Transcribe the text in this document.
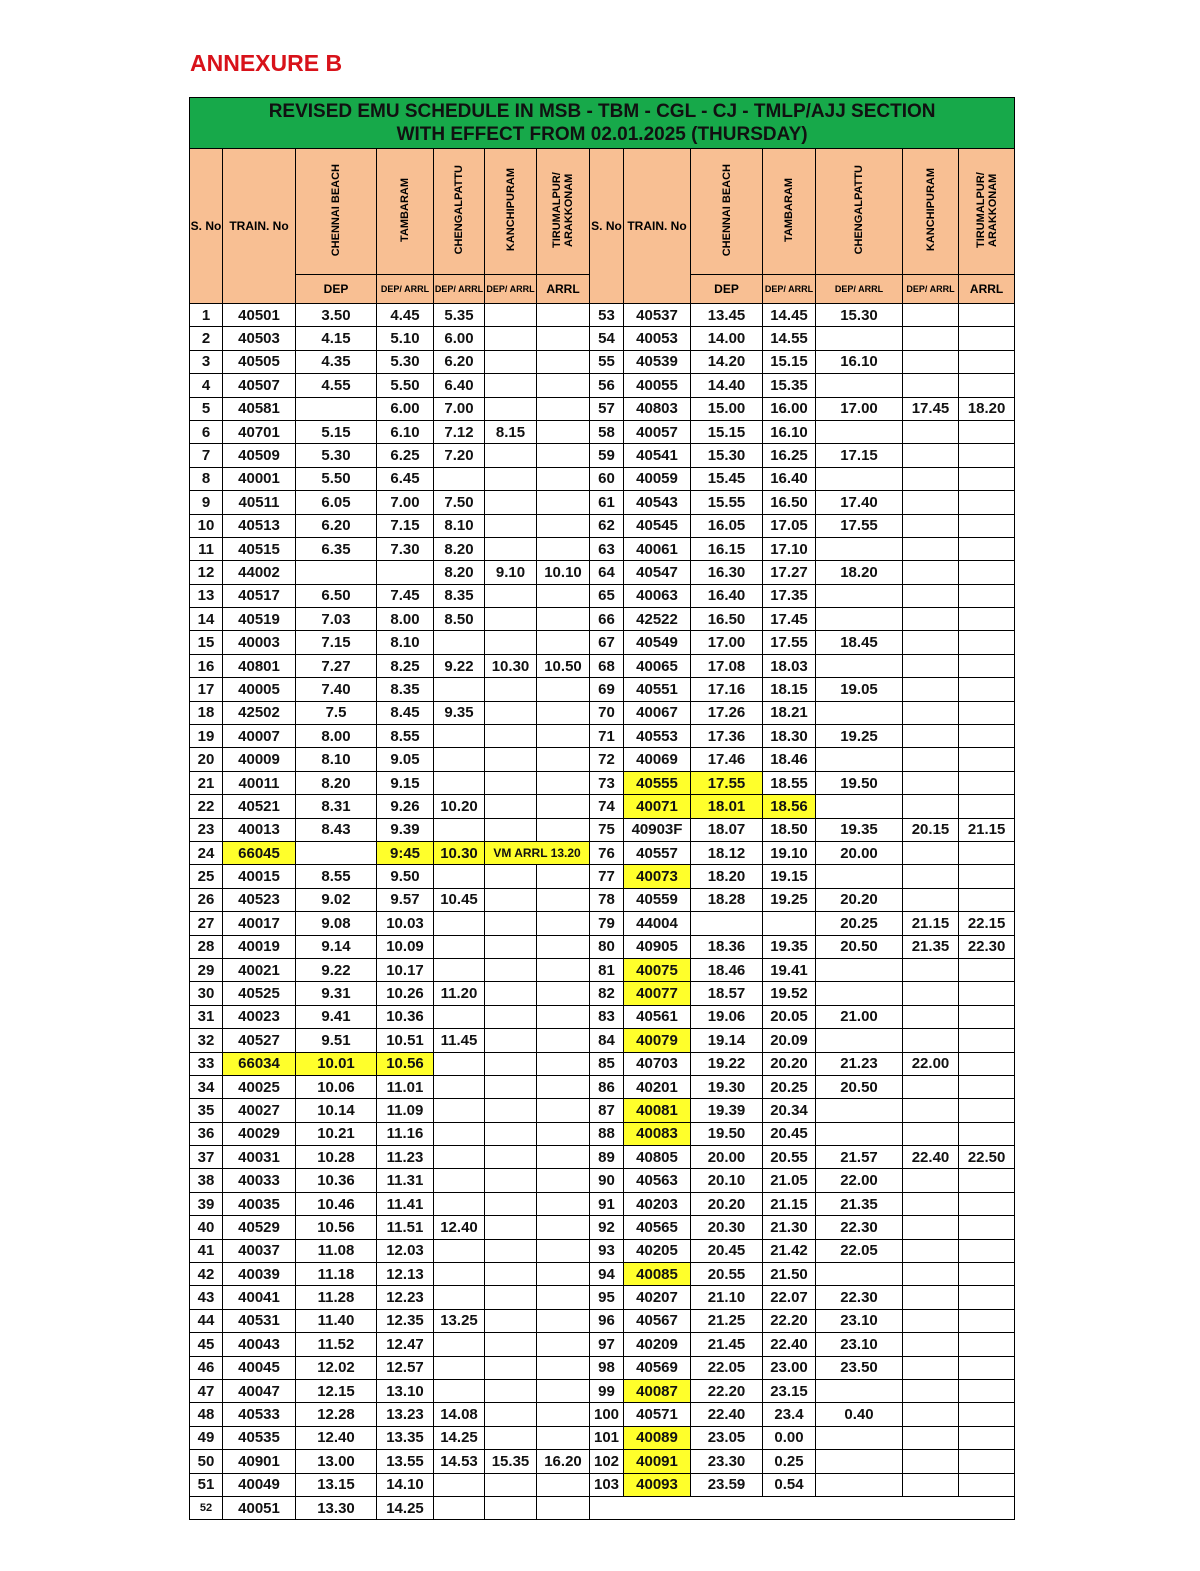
ANNEXURE B
REVISED EMU SCHEDULE IN MSB - TBM - CGL - CJ - TMLP/AJJ SECTION
WITH EFFECT FROM 02.01.2025 (THURSDAY)													
S. No	TRAIN. No	CHENNAI BEACH	TAMBARAM	CHENGALPATTU	KANCHIPURAM	TIRUMALPUR/ ARAKKONAM	S. No	TRAIN. No	CHENNAI BEACH	TAMBARAM	CHENGALPATTU	KANCHIPURAM	TIRUMALPUR/ ARAKKONAM
		DEP	DEP/ ARRL	DEP/ ARRL	DEP/ ARRL	ARRL			DEP	DEP/ ARRL	DEP/ ARRL	DEP/ ARRL	ARRL
1	40501	3.50	4.45	5.35			53	40537	13.45	14.45	15.30		
2	40503	4.15	5.10	6.00			54	40053	14.00	14.55			
3	40505	4.35	5.30	6.20			55	40539	14.20	15.15	16.10		
4	40507	4.55	5.50	6.40			56	40055	14.40	15.35			
5	40581		6.00	7.00			57	40803	15.00	16.00	17.00	17.45	18.20
6	40701	5.15	6.10	7.12	8.15		58	40057	15.15	16.10			
7	40509	5.30	6.25	7.20			59	40541	15.30	16.25	17.15		
8	40001	5.50	6.45				60	40059	15.45	16.40			
9	40511	6.05	7.00	7.50			61	40543	15.55	16.50	17.40		
10	40513	6.20	7.15	8.10			62	40545	16.05	17.05	17.55		
11	40515	6.35	7.30	8.20			63	40061	16.15	17.10			
12	44002			8.20	9.10	10.10	64	40547	16.30	17.27	18.20		
13	40517	6.50	7.45	8.35			65	40063	16.40	17.35			
14	40519	7.03	8.00	8.50			66	42522	16.50	17.45			
15	40003	7.15	8.10				67	40549	17.00	17.55	18.45		
16	40801	7.27	8.25	9.22	10.30	10.50	68	40065	17.08	18.03			
17	40005	7.40	8.35				69	40551	17.16	18.15	19.05		
18	42502	7.5	8.45	9.35			70	40067	17.26	18.21			
19	40007	8.00	8.55				71	40553	17.36	18.30	19.25		
20	40009	8.10	9.05				72	40069	17.46	18.46			
21	40011	8.20	9.15				73	40555	17.55	18.55	19.50		
22	40521	8.31	9.26	10.20			74	40071	18.01	18.56			
23	40013	8.43	9.39				75	40903F	18.07	18.50	19.35	20.15	21.15
24	66045		9:45	10.30	VM ARRL 13.20		76	40557	18.12	19.10	20.00		
25	40015	8.55	9.50				77	40073	18.20	19.15			
26	40523	9.02	9.57	10.45			78	40559	18.28	19.25	20.20		
27	40017	9.08	10.03				79	44004			20.25	21.15	22.15
28	40019	9.14	10.09				80	40905	18.36	19.35	20.50	21.35	22.30
29	40021	9.22	10.17				81	40075	18.46	19.41			
30	40525	9.31	10.26	11.20			82	40077	18.57	19.52			
31	40023	9.41	10.36				83	40561	19.06	20.05	21.00		
32	40527	9.51	10.51	11.45			84	40079	19.14	20.09			
33	66034	10.01	10.56				85	40703	19.22	20.20	21.23	22.00	
34	40025	10.06	11.01				86	40201	19.30	20.25	20.50		
35	40027	10.14	11.09				87	40081	19.39	20.34			
36	40029	10.21	11.16				88	40083	19.50	20.45			
37	40031	10.28	11.23				89	40805	20.00	20.55	21.57	22.40	22.50
38	40033	10.36	11.31				90	40563	20.10	21.05	22.00		
39	40035	10.46	11.41				91	40203	20.20	21.15	21.35		
40	40529	10.56	11.51	12.40			92	40565	20.30	21.30	22.30		
41	40037	11.08	12.03				93	40205	20.45	21.42	22.05		
42	40039	11.18	12.13				94	40085	20.55	21.50			
43	40041	11.28	12.23				95	40207	21.10	22.07	22.30		
44	40531	11.40	12.35	13.25			96	40567	21.25	22.20	23.10		
45	40043	11.52	12.47				97	40209	21.45	22.40	23.10		
46	40045	12.02	12.57				98	40569	22.05	23.00	23.50		
47	40047	12.15	13.10				99	40087	22.20	23.15			
48	40533	12.28	13.23	14.08			100	40571	22.40	23.4	0.40		
49	40535	12.40	13.35	14.25			101	40089	23.05	0.00			
50	40901	13.00	13.55	14.53	15.35	16.20	102	40091	23.30	0.25			
51	40049	13.15	14.10				103	40093	23.59	0.54			
52	40051	13.30	14.25										
